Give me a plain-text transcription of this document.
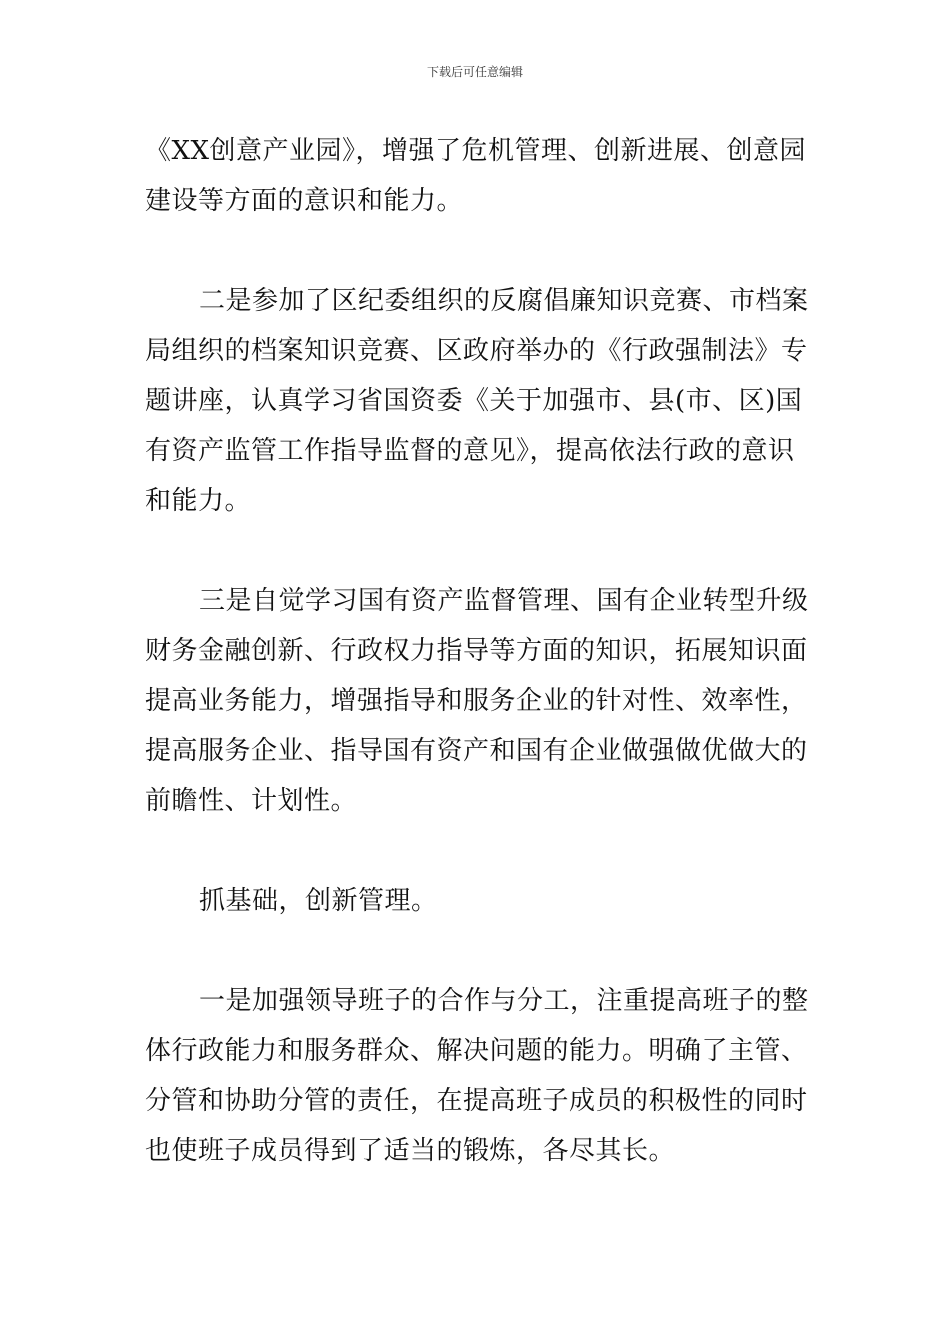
下载后可任意编辑
《XX创意产业园》，增强了危机管理、创新进展、创意园
建设等方面的意识和能力。
二是参加了区纪委组织的反腐倡廉知识竞赛、市档案
局组织的档案知识竞赛、区政府举办的《行政强制法》专
题讲座，认真学习省国资委《关于加强市、县(市、区)国
有资产监管工作指导监督的意见》，提高依法行政的意识
和能力。
三是自觉学习国有资产监督管理、国有企业转型升级
财务金融创新、行政权力指导等方面的知识，拓展知识面
提高业务能力，增强指导和服务企业的针对性、效率性，
提高服务企业、指导国有资产和国有企业做强做优做大的
前瞻性、计划性。
抓基础，创新管理。
一是加强领导班子的合作与分工，注重提高班子的整
体行政能力和服务群众、解决问题的能力。明确了主管、
分管和协助分管的责任，在提高班子成员的积极性的同时
也使班子成员得到了适当的锻炼，各尽其长。
